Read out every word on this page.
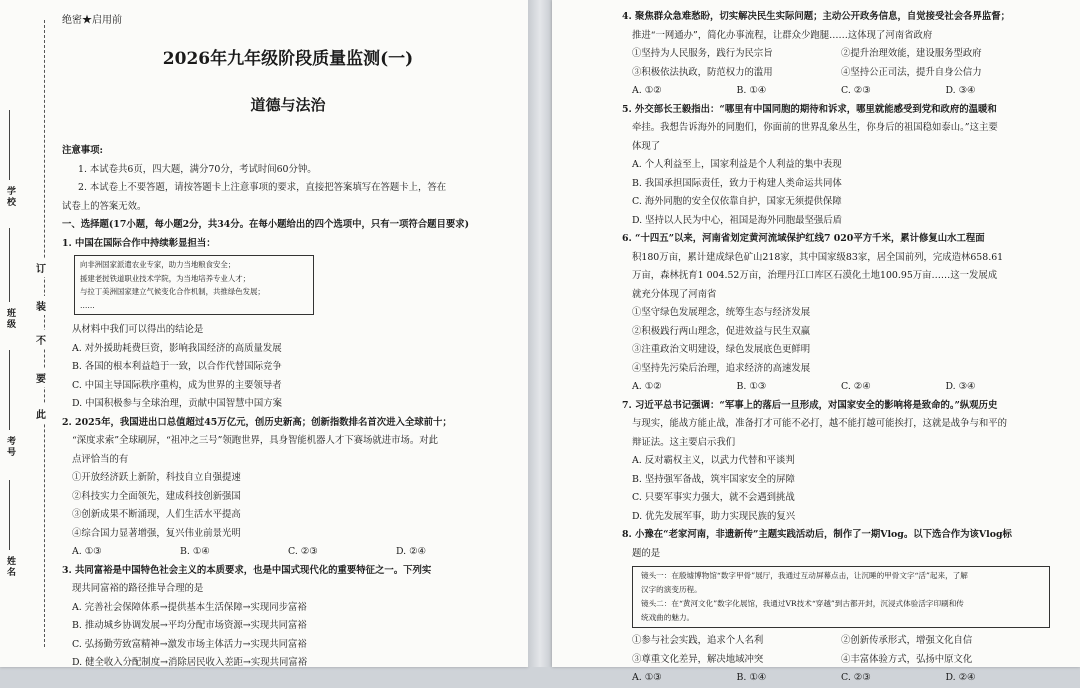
学校
班级
考号
姓名
订
装
不
要
此
绝密★启用前
2026年九年级阶段质量监测(一)
道德与法治
注意事项:
1. 本试卷共6页，四大题，满分70分，考试时间60分钟。
2. 本试卷上不要答题，请按答题卡上注意事项的要求，直接把答案填写在答题卡上，答在
试卷上的答案无效。
一、选择题(17小题，每小题2分，共34分。在每小题给出的四个选项中，只有一项符合题目要求)
1. 中国在国际合作中持续彰显担当：
向非洲国家派遣农业专家，助力当地粮食安全；
援建老挝铁道职业技术学院，为当地培养专业人才；
与拉丁美洲国家建立气候变化合作机制，共推绿色发展；
……
从材料中我们可以得出的结论是
A. 对外援助耗费巨资，影响我国经济的高质量发展
B. 各国的根本利益趋于一致，以合作代替国际竞争
C. 中国主导国际秩序重构，成为世界的主要领导者
D. 中国积极参与全球治理，贡献中国智慧中国方案
2. 2025年，我国进出口总值超过45万亿元，创历史新高；创新指数排名首次进入全球前十；
“深度求索”全球刷屏，“祖冲之三号”领跑世界，具身智能机器人才下赛场就进市场。对此
点评恰当的有
①开放经济跃上新阶，科技自立自强提速
②科技实力全面领先，建成科技创新强国
③创新成果不断涌现，人们生活水平提高
④综合国力显著增强，复兴伟业前景光明
A. ①③	B. ①④	C. ②③	D. ②④
3. 共同富裕是中国特色社会主义的本质要求，也是中国式现代化的重要特征之一。下列实
现共同富裕的路径推导合理的是
A. 完善社会保障体系→提供基本生活保障→实现同步富裕
B. 推动城乡协调发展→平均分配市场资源→实现共同富裕
C. 弘扬勤劳致富精神→激发市场主体活力→实现共同富裕
D. 健全收入分配制度→消除居民收入差距→实现共同富裕
4. 聚焦群众急难愁盼，切实解决民生实际问题；主动公开政务信息，自觉接受社会各界监督；
推进“一网通办”，简化办事流程，让群众少跑腿……这体现了河南省政府
①坚持为人民服务，践行为民宗旨	②提升治理效能，建设服务型政府
③积极依法执政，防范权力的滥用	④坚持公正司法，提升自身公信力
A. ①②	B. ①④	C. ②③	D. ③④
5. 外交部长王毅指出：“哪里有中国同胞的期待和诉求，哪里就能感受到党和政府的温暖和
牵挂。我想告诉海外的同胞们，你面前的世界乱象丛生，你身后的祖国稳如泰山。”这主要
体现了
A. 个人利益至上，国家利益是个人利益的集中表现
B. 我国承担国际责任，致力于构建人类命运共同体
C. 海外同胞的安全仅依靠自护，国家无须提供保障
D. 坚持以人民为中心，祖国是海外同胞最坚强后盾
6. “十四五”以来，河南省划定黄河流域保护红线7 020平方千米，累计修复山水工程面
积180万亩，累计建成绿色矿山218家，其中国家级83家，居全国前列，完成造林658.61
万亩，森林抚育1 004.52万亩，治理丹江口库区石漠化土地100.95万亩……这一发展成
就充分体现了河南省
①坚守绿色发展理念，统筹生态与经济发展
②积极践行两山理念，促进效益与民生双赢
③注重政治文明建设，绿色发展底色更鲜明
④坚持先污染后治理，追求经济的高速发展
A. ①②	B. ①③	C. ②④	D. ③④
7. 习近平总书记强调：“军事上的落后一旦形成，对国家安全的影响将是致命的。”纵观历史
与现实，能战方能止战，准备打才可能不必打，越不能打越可能挨打，这就是战争与和平的
辩证法。这主要启示我们
A. 反对霸权主义，以武力代替和平谈判
B. 坚持强军备战，筑牢国家安全的屏障
C. 只要军事实力强大，就不会遇到挑战
D. 优先发展军事，助力实现民族的复兴
8. 小豫在“老家河南，非遗新传”主题实践活动后，制作了一期Vlog。以下选合作为该Vlog标
题的是
镜头一：在殷墟博物馆“数字甲骨”展厅，我通过互动屏幕点击，让沉睡的甲骨文字“活”起来，了解
汉字的演变历程。
镜头二：在“黄河文化”数字化展馆，我通过VR技术“穿越”到古都开封，沉浸式体验活字印刷和传
统戏曲的魅力。
①参与社会实践，追求个人名利	②创新传承形式，增强文化自信
③尊重文化差异，解决地域冲突	④丰富体验方式，弘扬中原文化
A. ①③	B. ①④	C. ②③	D. ②④
